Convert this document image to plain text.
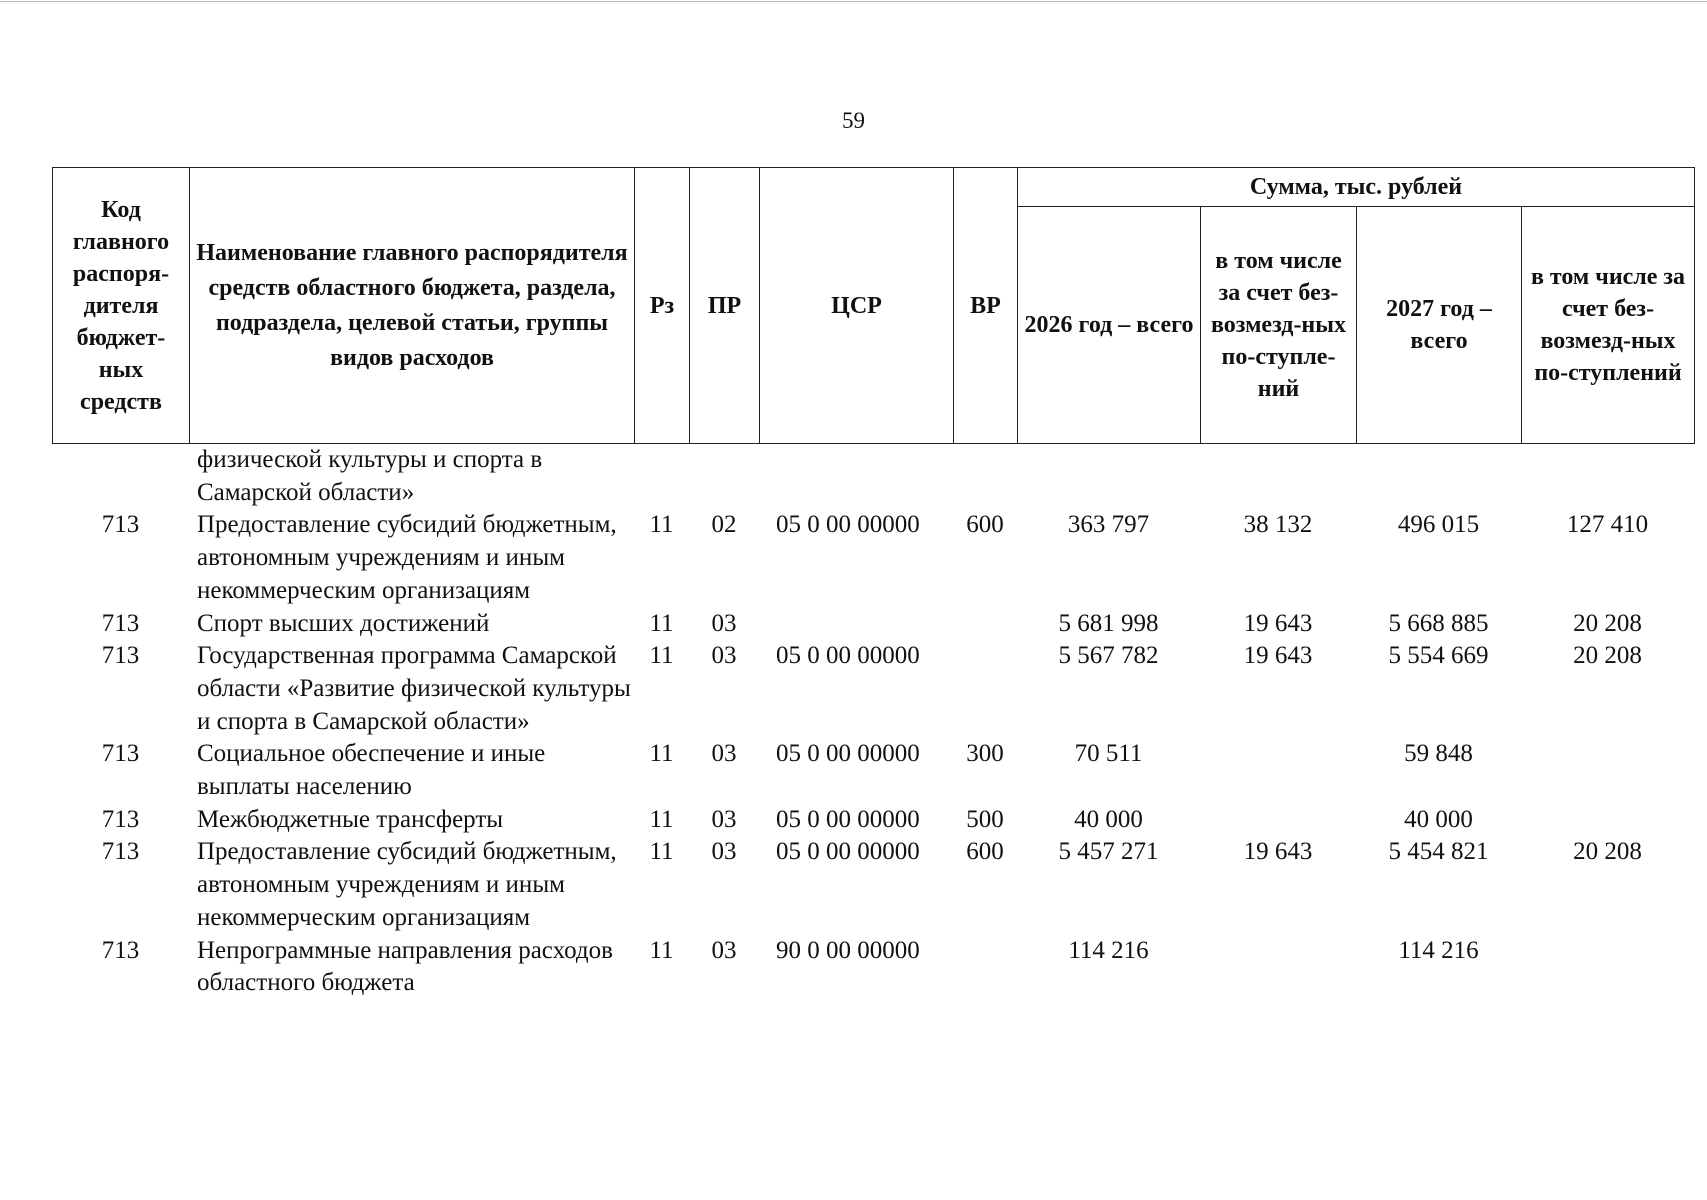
59
Код главного распоря-дителя бюджет-ных средств	Наименование главного распорядителя средств областного бюджета, раздела, подраздела, целевой статьи, группы видов расходов	Рз	ПР	ЦСР	ВР	Сумма, тыс. рублей			
						2026 год – всего	в том числе за счет без-возмезд-ных по-ступле-ний	2027 год – всего	в том числе за счет без-возмезд-ных по-ступлений
	физической культуры и спорта в Самарской области»								
713	Предоставление субсидий бюджетным, автономным учреждениям и иным некоммерческим организациям	11	02	05 0 00 00000	600	363 797	38 132	496 015	127 410
713	Спорт высших достижений	11	03			5 681 998	19 643	5 668 885	20 208
713	Государственная программа Самарской области «Развитие физической культуры и спорта в Самарской области»	11	03	05 0 00 00000		5 567 782	19 643	5 554 669	20 208
713	Социальное обеспечение и иные выплаты населению	11	03	05 0 00 00000	300	70 511		59 848	
713	Межбюджетные трансферты	11	03	05 0 00 00000	500	40 000		40 000	
713	Предоставление субсидий бюджетным, автономным учреждениям и иным некоммерческим организациям	11	03	05 0 00 00000	600	5 457 271	19 643	5 454 821	20 208
713	Непрограммные направления расходов областного бюджета	11	03	90 0 00 00000		114 216		114 216	
